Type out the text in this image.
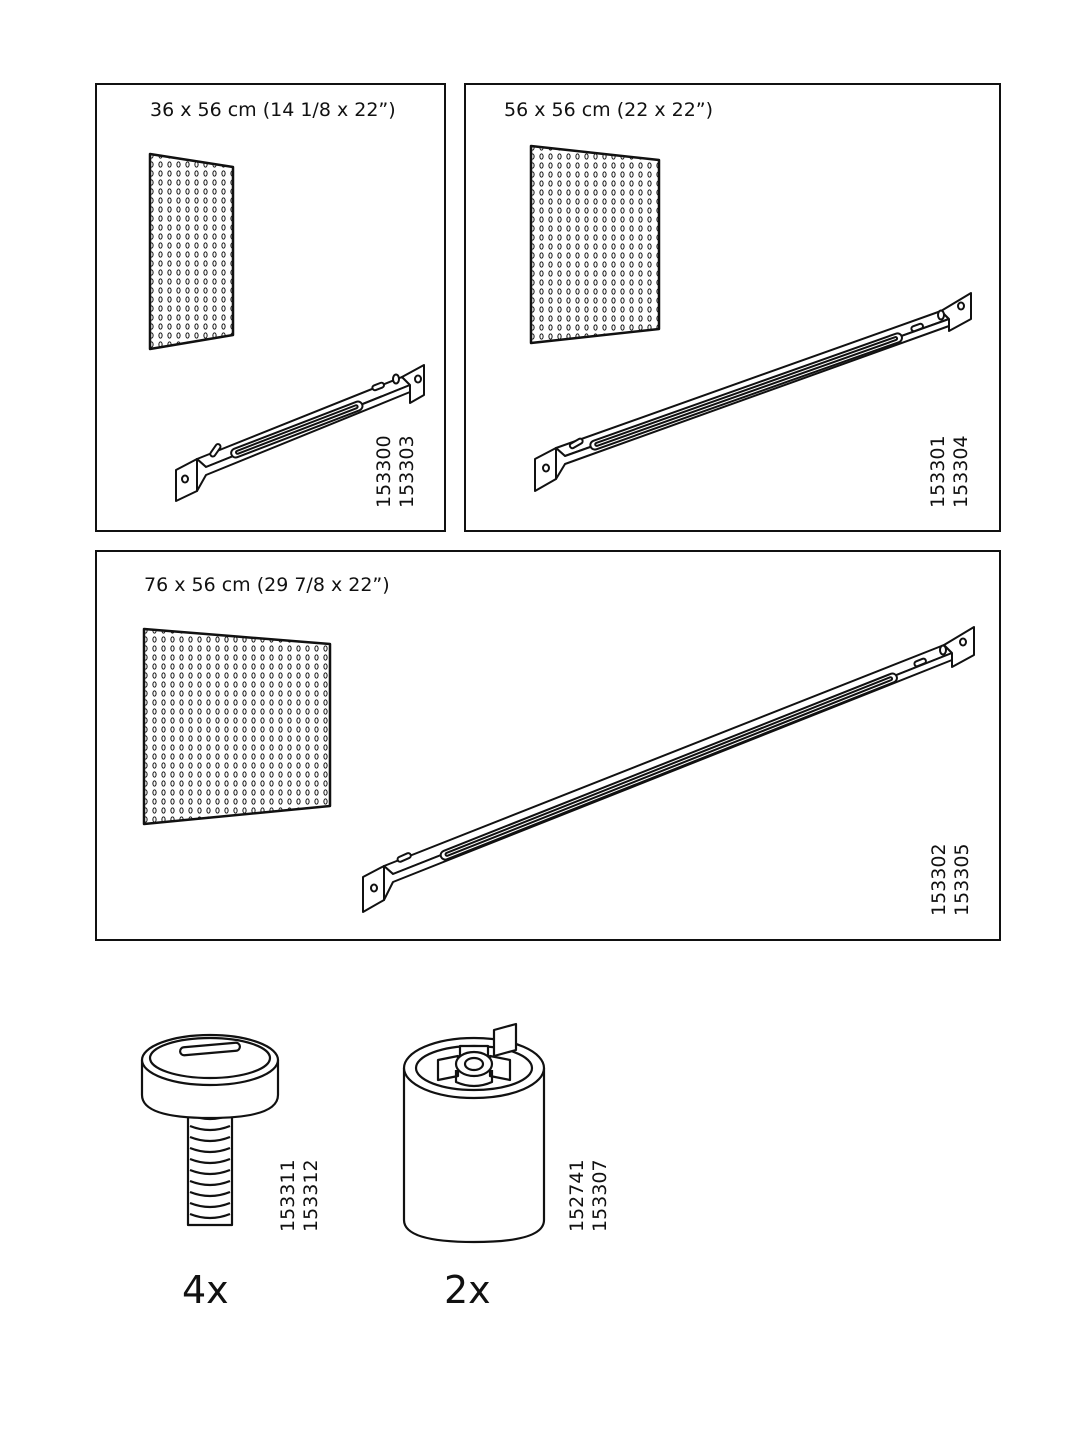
36 x 56 cm (14 1/8 x 22”)
153300 153303
56 x 56 cm (22 x 22”)
153301 153304
76 x 56 cm (29 7/8 x 22”)
153302 153305
153311 153312
4x
152741 153307
2x
